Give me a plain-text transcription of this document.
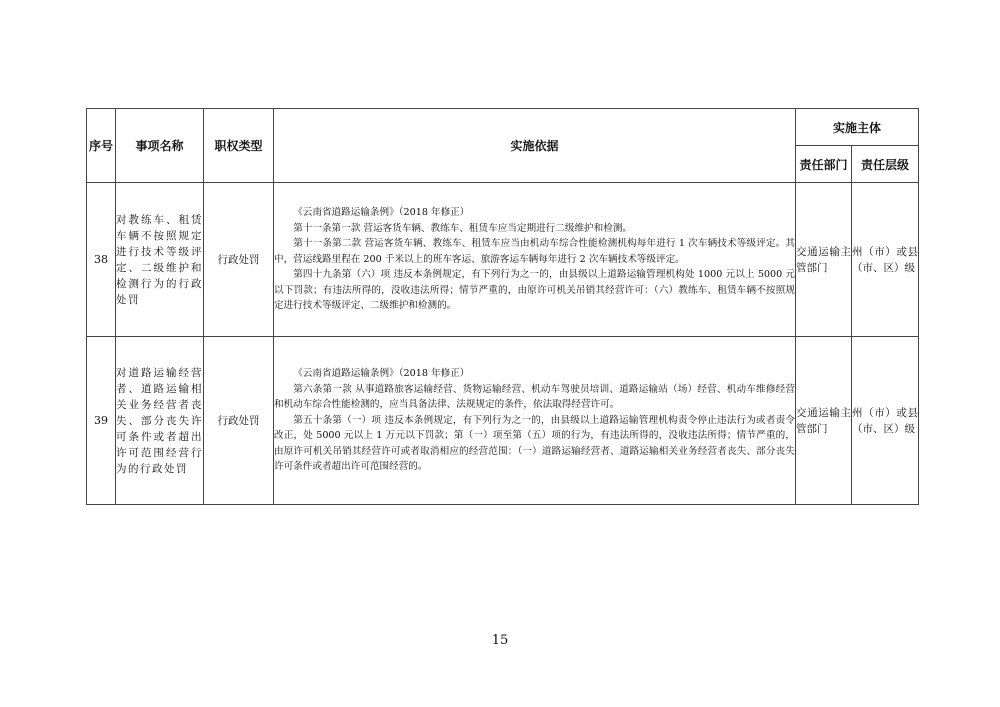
序号	事项名称	职权类型	实施依据	实施主体	
				责任部门	责任层级
38	对教练车、租赁车辆不按照规定进行技术等级评定、二级维护和检测行为的行政处罚	行政处罚	《云南省道路运输条例》（2018 年修正）

第十一条第一款 营运客货车辆、教练车、租赁车应当定期进行二级维护和检测。

第十一条第二款 营运客货车辆、教练车、租赁车应当由机动车综合性能检测机构每年进行 1 次车辆技术等级评定。其中，营运线路里程在 200 千米以上的班车客运、旅游客运车辆每年进行 2 次车辆技术等级评定。

第四十九条第（六）项 违反本条例规定，有下列行为之一的，由县级以上道路运输管理机构处 1000 元以上 5000 元以下罚款；有违法所得的，没收违法所得；情节严重的，由原许可机关吊销其经营许可：（六）教练车、租赁车辆不按照规定进行技术等级评定、二级维护和检测的。	交通运输主管部门	州（市）或县（市、区）级
39	对道路运输经营者、道路运输相关业务经营者丧失、部分丧失许可条件或者超出许可范围经营行为的行政处罚	行政处罚	《云南省道路运输条例》（2018 年修正）

第六条第一款 从事道路旅客运输经营、货物运输经营、机动车驾驶员培训、道路运输站（场）经营、机动车维修经营和机动车综合性能检测的，应当具备法律、法规规定的条件，依法取得经营许可。

第五十条第（一）项 违反本条例规定，有下列行为之一的，由县级以上道路运输管理机构责令停止违法行为或者责令改正，处 5000 元以上 1 万元以下罚款；第（一）项至第（五）项的行为，有违法所得的，没收违法所得；情节严重的，由原许可机关吊销其经营许可或者取消相应的经营范围：（一）道路运输经营者、道路运输相关业务经营者丧失、部分丧失许可条件或者超出许可范围经营的。	交通运输主管部门	州（市）或县（市、区）级
15
